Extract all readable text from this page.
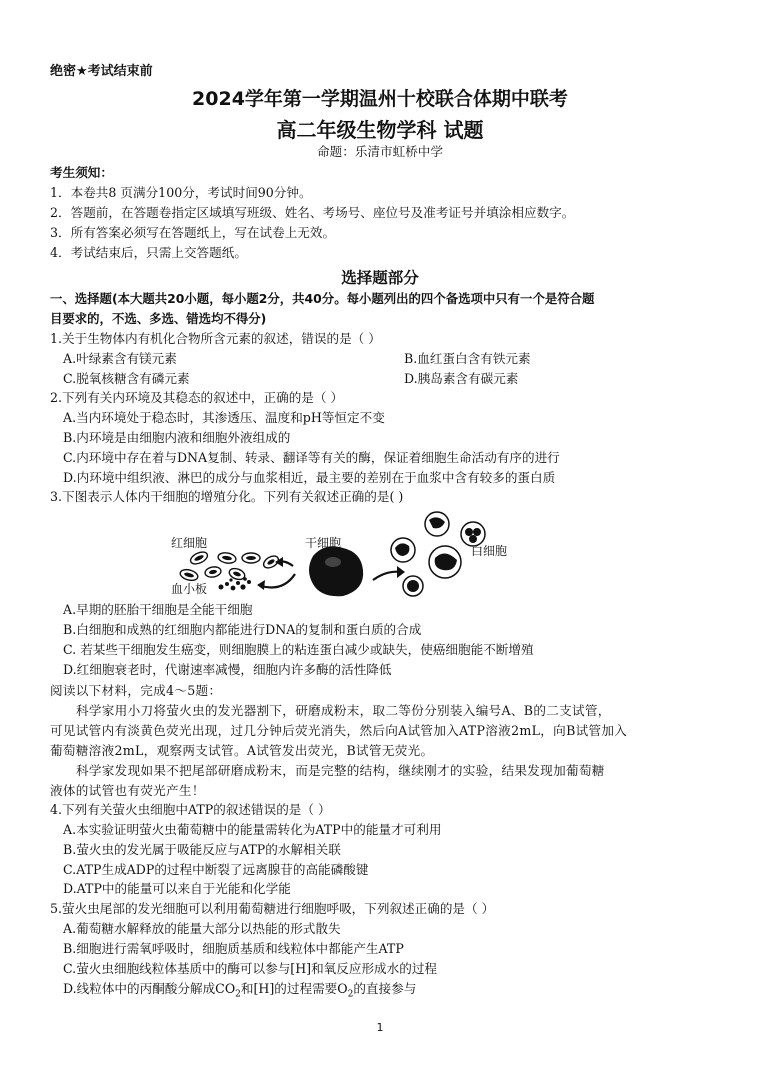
绝密★考试结束前
2024学年第一学期温州十校联合体期中联考
高二年级生物学科 试题
命题：乐清市虹桥中学
考生须知：
1．本卷共8 页满分100分，考试时间90分钟。
2．答题前，在答题卷指定区域填写班级、姓名、考场号、座位号及准考证号并填涂相应数字。
3．所有答案必须写在答题纸上，写在试卷上无效。
4．考试结束后，只需上交答题纸。
选择题部分
一、选择题(本大题共20小题，每小题2分，共40分。每小题列出的四个备选项中只有一个是符合题
目要求的，不选、多选、错选均不得分)
1.关于生物体内有机化合物所含元素的叙述，错误的是（ ）
A.叶绿素含有镁元素	B.血红蛋白含有铁元素
C.脱氧核糖含有磷元素	D.胰岛素含有碳元素
2.下列有关内环境及其稳态的叙述中，正确的是（ ）
A.当内环境处于稳态时，其渗透压、温度和pH等恒定不变
B.内环境是由细胞内液和细胞外液组成的
C.内环境中存在着与DNA复制、转录、翻译等有关的酶，保证着细胞生命活动有序的进行
D.内环境中组织液、淋巴的成分与血浆相近，最主要的差别在于血浆中含有较多的蛋白质
3.下图表示人体内干细胞的增殖分化。下列有关叙述正确的是( )
红细胞	干细胞
白细胞
血小板
A.早期的胚胎干细胞是全能干细胞
B.白细胞和成熟的红细胞内都能进行DNA的复制和蛋白质的合成
C. 若某些干细胞发生癌变，则细胞膜上的粘连蛋白减少或缺失，使癌细胞能不断增殖
D.红细胞衰老时，代谢速率减慢，细胞内许多酶的活性降低
阅读以下材料，完成4～5题：
科学家用小刀将萤火虫的发光器割下，研磨成粉末，取二等份分别装入编号A、B的二支试管，
可见试管内有淡黄色荧光出现，过几分钟后荧光消失，然后向A试管加入ATP溶液2mL，向B试管加入
葡萄糖溶液2mL，观察两支试管。A试管发出荧光，B试管无荧光。
科学家发现如果不把尾部研磨成粉末，而是完整的结构，继续刚才的实验，结果发现加葡萄糖
液体的试管也有荧光产生！
4.下列有关萤火虫细胞中ATP的叙述错误的是（ ）
A.本实验证明萤火虫葡萄糖中的能量需转化为ATP中的能量才可利用
B.萤火虫的发光属于吸能反应与ATP的水解相关联
C.ATP生成ADP的过程中断裂了远离腺苷的高能磷酸键
D.ATP中的能量可以来自于光能和化学能
5.萤火虫尾部的发光细胞可以利用葡萄糖进行细胞呼吸，下列叙述正确的是（ ）
A.葡萄糖水解释放的能量大部分以热能的形式散失
B.细胞进行需氧呼吸时，细胞质基质和线粒体中都能产生ATP
C.萤火虫细胞线粒体基质中的酶可以参与[H]和氧反应形成水的过程
D.线粒体中的丙酮酸分解成$CO_2$和[H]的过程需要$O_2$的直接参与
1
